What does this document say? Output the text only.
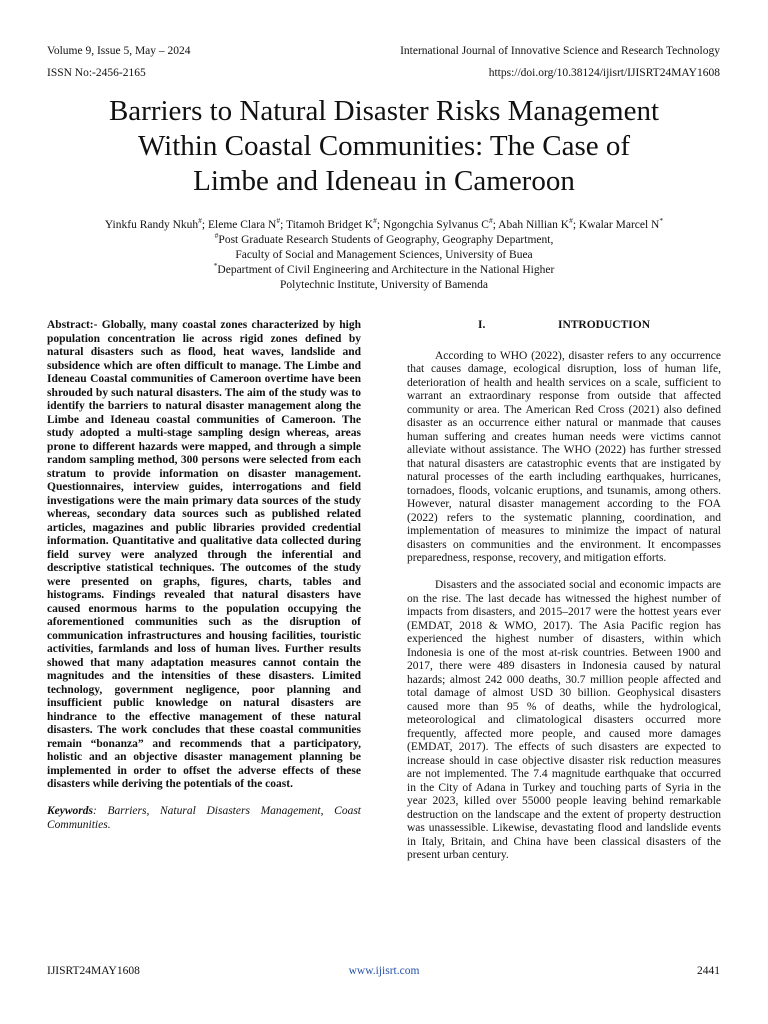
Volume 9, Issue 5, May ‒ 2024
ISSN No:-2456-2165
International Journal of Innovative Science and Research Technology
https://doi.org/10.38124/ijisrt/IJISRT24MAY1608
Barriers to Natural Disaster Risks Management
Within Coastal Communities: The Case of
Limbe and Ideneau in Cameroon
Yinkfu Randy Nkuh#; Eleme Clara N#; Titamoh Bridget K#; Ngongchia Sylvanus C#; Abah Nillian K#; Kwalar Marcel N*
#Post Graduate Research Students of Geography, Geography Department,
Faculty of Social and Management Sciences, University of Buea
*Department of Civil Engineering and Architecture in the National Higher
Polytechnic Institute, University of Bamenda

Abstract:- Globally, many coastal zones characterized by high population concentration lie across rigid zones defined by natural disasters such as flood, heat waves, landslide and subsidence which are often difficult to manage. The Limbe and Ideneau Coastal communities of Cameroon overtime have been shrouded by such natural disasters. The aim of the study was to identify the barriers to natural disaster management along the Limbe and Ideneau coastal communities of Cameroon. The study adopted a multi-stage sampling design whereas, areas prone to different hazards were mapped, and through a simple random sampling method, 300 persons were selected from each stratum to provide information on disaster management. Questionnaires, interview guides, interrogations and field investigations were the main primary data sources of the study whereas, secondary data sources such as published related articles, magazines and public libraries provided credential information. Quantitative and qualitative data collected during field survey were analyzed through the inferential and descriptive statistical techniques. The outcomes of the study were presented on graphs, figures, charts, tables and histograms. Findings revealed that natural disasters have caused enormous harms to the population occupying the aforementioned communities such as the disruption of communication infrastructures and housing facilities, touristic activities, farmlands and loss of human lives. Further results showed that many adaptation measures cannot contain the magnitudes and the intensities of these disasters. Limited technology, government negligence, poor planning and insufficient public knowledge on natural disasters are hindrance to the effective management of these natural disasters. The work concludes that these coastal communities remain “bonanza” and recommends that a participatory, holistic and an objective disaster management planning be implemented in order to offset the adverse effects of these disasters while deriving the potentials of the coast.

Keywords: Barriers, Natural Disasters Management, Coast Communities.

I.	INTRODUCTION

According to WHO (2022), disaster refers to any occurrence that causes damage, ecological disruption, loss of human life, deterioration of health and health services on a scale, sufficient to warrant an extraordinary response from outside that affected community or area. The American Red Cross (2021) also defined disaster as an occurrence either natural or manmade that causes human suffering and creates human needs were victims cannot alleviate without assistance. The WHO (2022) has further stressed that natural disasters are catastrophic events that are instigated by natural processes of the earth including earthquakes, hurricanes, tornadoes, floods, volcanic eruptions, and tsunamis, among others. However, natural disaster management according to the FOA (2022) refers to the systematic planning, coordination, and implementation of measures to minimize the impact of natural disasters on communities and the environment. It encompasses preparedness, response, recovery, and mitigation efforts.

Disasters and the associated social and economic impacts are on the rise. The last decade has witnessed the highest number of impacts from disasters, and 2015–2017 were the hottest years ever (EMDAT, 2018 & WMO, 2017). The Asia Pacific region has experienced the highest number of disasters, within which Indonesia is one of the most at-risk countries. Between 1900 and 2017, there were 489 disasters in Indonesia caused by natural hazards; almost 242 000 deaths, 30.7 million people affected and total damage of almost USD 30 billion. Geophysical disasters caused more than 95 % of deaths, while the hydrological, meteorological and climatological disasters occurred more frequently, affected more people, and caused more damages (EMDAT, 2017). The effects of such disasters are expected to increase should in case objective disaster risk reduction measures are not implemented. The 7.4 magnitude earthquake that occurred in the City of Adana in Turkey and touching parts of Syria in the year 2023, killed over 55000 people leaving behind remarkable destruction on the landscape and the extent of property destruction was unassessible. Likewise, devastating flood and landslide events in Italy, Britain, and China have been classical disasters of the present urban century.

IJISRT24MAY1608	www.ijisrt.com	2441
